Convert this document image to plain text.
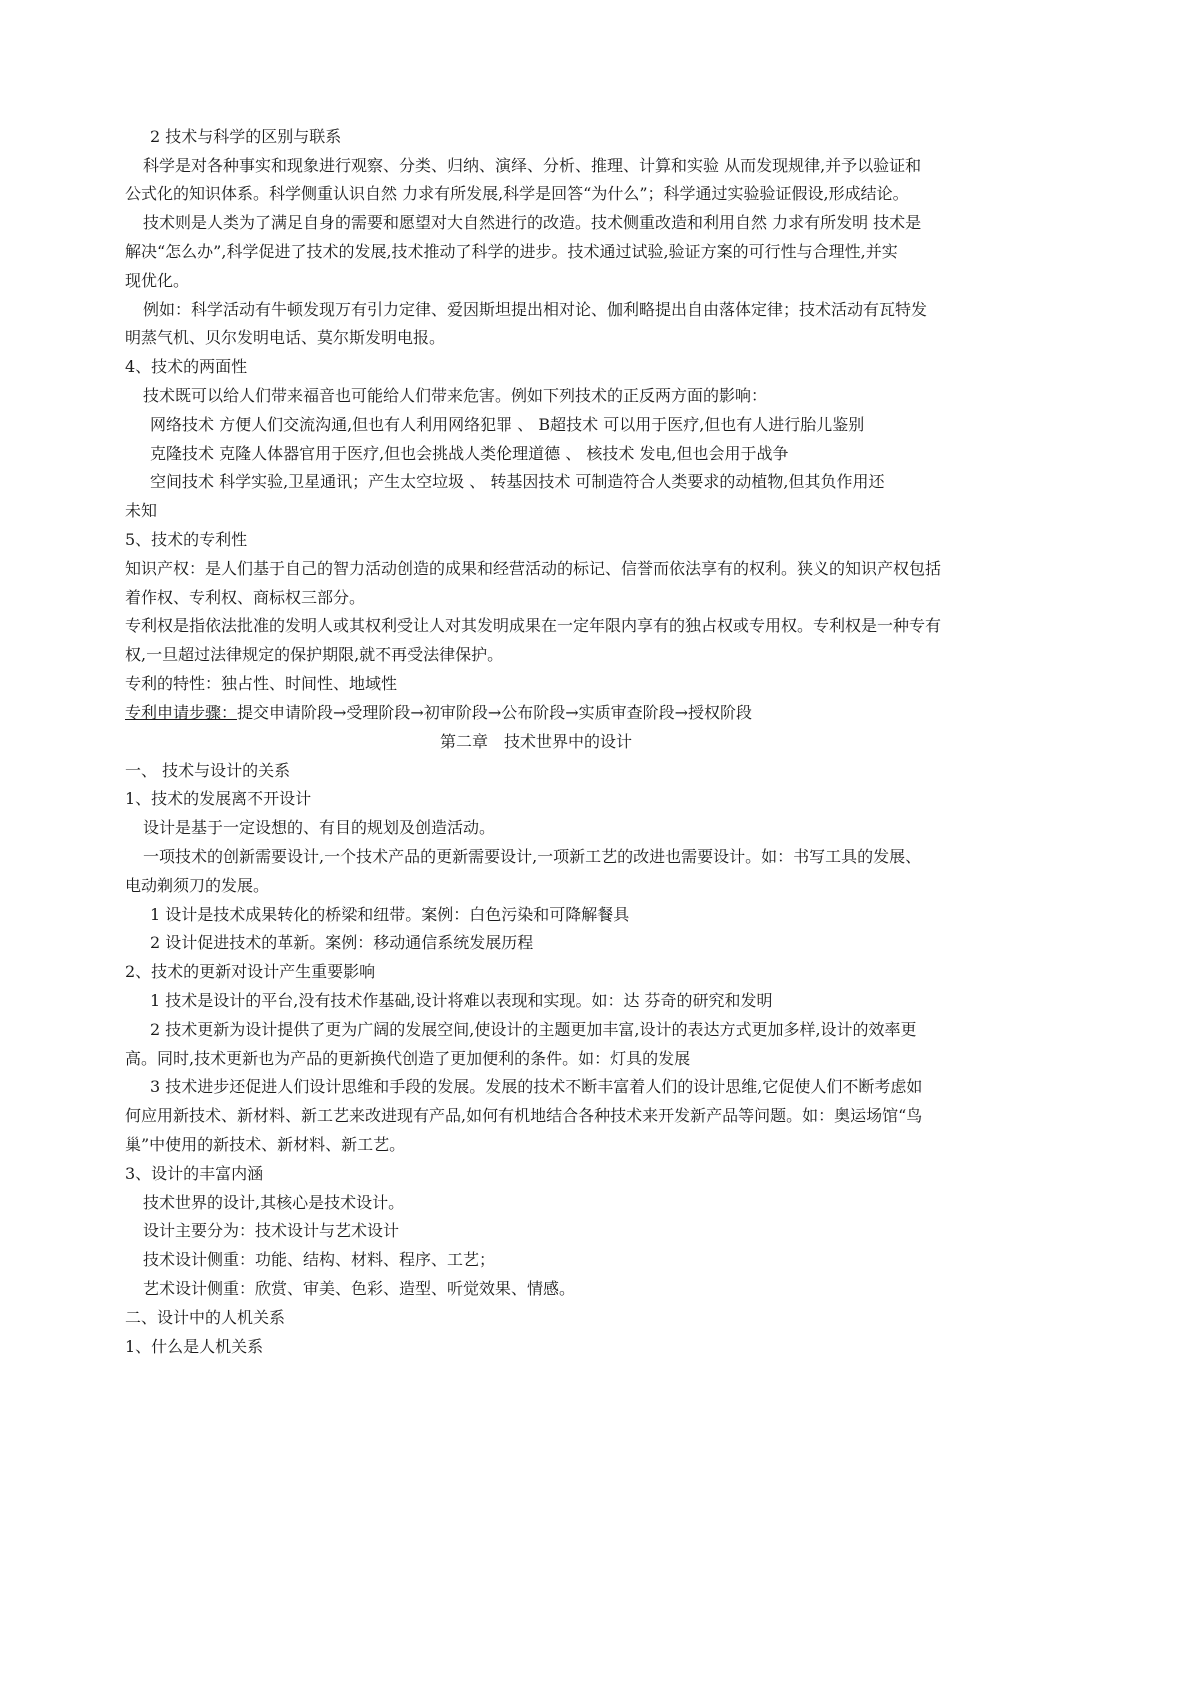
2 技术与科学的区别与联系
科学是对各种事实和现象进行观察、分类、归纳、演绎、分析、推理、计算和实验 从而发现规律,并予以验证和
公式化的知识体系。科学侧重认识自然 力求有所发展,科学是回答“为什么”；科学通过实验验证假设,形成结论。
技术则是人类为了满足自身的需要和愿望对大自然进行的改造。技术侧重改造和利用自然 力求有所发明 技术是
解决“怎么办”,科学促进了技术的发展,技术推动了科学的进步。技术通过试验,验证方案的可行性与合理性,并实
现优化。
例如：科学活动有牛顿发现万有引力定律、爱因斯坦提出相对论、伽利略提出自由落体定律；技术活动有瓦特发
明蒸气机、贝尔发明电话、莫尔斯发明电报。
4、技术的两面性
技术既可以给人们带来福音也可能给人们带来危害。例如下列技术的正反两方面的影响：
网络技术 方便人们交流沟通,但也有人利用网络犯罪 、 B超技术 可以用于医疗,但也有人进行胎儿鉴别
克隆技术 克隆人体器官用于医疗,但也会挑战人类伦理道德 、 核技术 发电,但也会用于战争
空间技术 科学实验,卫星通讯；产生太空垃圾 、 转基因技术 可制造符合人类要求的动植物,但其负作用还
未知
5、技术的专利性
知识产权：是人们基于自己的智力活动创造的成果和经营活动的标记、信誉而依法享有的权利。狭义的知识产权包括
着作权、专利权、商标权三部分。
专利权是指依法批准的发明人或其权利受让人对其发明成果在一定年限内享有的独占权或专用权。专利权是一种专有
权,一旦超过法律规定的保护期限,就不再受法律保护。
专利的特性：独占性、时间性、地域性
专利申请步骤：提交申请阶段→受理阶段→初审阶段→公布阶段→实质审查阶段→授权阶段
第二章　技术世界中的设计
一、 技术与设计的关系
1、技术的发展离不开设计
设计是基于一定设想的、有目的规划及创造活动。
一项技术的创新需要设计,一个技术产品的更新需要设计,一项新工艺的改进也需要设计。如：书写工具的发展、
电动剃须刀的发展。
1 设计是技术成果转化的桥梁和纽带。案例：白色污染和可降解餐具
2 设计促进技术的革新。案例：移动通信系统发展历程
2、技术的更新对设计产生重要影响
1 技术是设计的平台,没有技术作基础,设计将难以表现和实现。如：达 芬奇的研究和发明
2 技术更新为设计提供了更为广阔的发展空间,使设计的主题更加丰富,设计的表达方式更加多样,设计的效率更
高。同时,技术更新也为产品的更新换代创造了更加便利的条件。如：灯具的发展
3 技术进步还促进人们设计思维和手段的发展。发展的技术不断丰富着人们的设计思维,它促使人们不断考虑如
何应用新技术、新材料、新工艺来改进现有产品,如何有机地结合各种技术来开发新产品等问题。如：奥运场馆“鸟
巢”中使用的新技术、新材料、新工艺。
3、设计的丰富内涵
技术世界的设计,其核心是技术设计。
设计主要分为：技术设计与艺术设计
技术设计侧重：功能、结构、材料、程序、工艺；
艺术设计侧重：欣赏、审美、色彩、造型、听觉效果、情感。
二、设计中的人机关系
1、什么是人机关系
